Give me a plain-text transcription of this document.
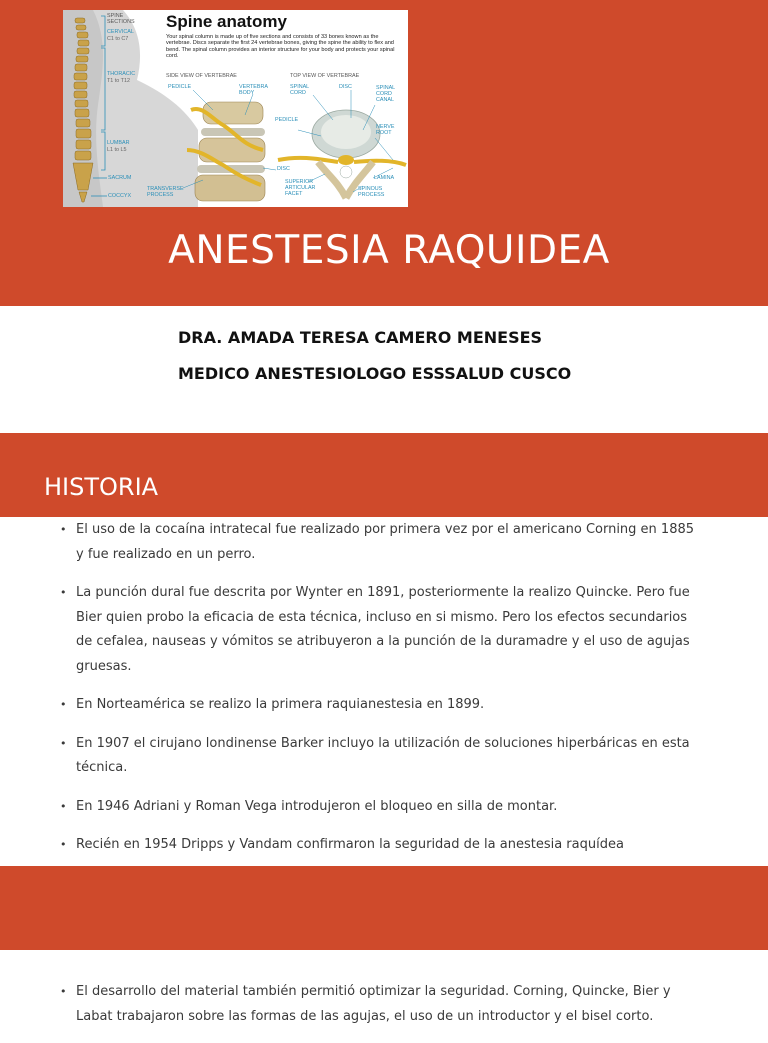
Spine anatomy
Your spinal column is made up of five sections and consists of 33 bones known as the vertebrae. Discs separate the first 24 vertebrae bones, giving the spine the ability to flex and bend. The spinal column provides an interior structure for your body and protects your spinal cord.
SPINE SECTIONS
CERVICAL
C1 to C7
THORACIC
T1 to T12
LUMBAR
L1 to L5
SACRUM
COCCYX
SIDE VIEW OF VERTEBRAE	TOP VIEW OF VERTEBRAE
PEDICLE	VERTEBRA BODY
SPINAL CORD
DISC	SPINAL CORD CANAL
PEDICLE
NERVE ROOT
DISC
LAMINA
TRANSVERSE PROCESS
SUPERIOR ARTICULAR FACET
SPINOUS PROCESS
ANESTESIA RAQUIDEA
DRA. AMADA TERESA CAMERO MENESES
MEDICO ANESTESIOLOGO ESSSALUD CUSCO
HISTORIA
• El uso de la cocaína intratecal fue realizado por primera vez por el americano Corning en 1885 y fue realizado en un perro.
• La punción dural fue descrita por Wynter en 1891, posteriormente la realizo Quincke. Pero fue Bier quien probo la eficacia de esta técnica, incluso en si mismo. Pero los efectos secundarios de cefalea, nauseas y vómitos se atribuyeron a la punción de la duramadre y el uso de agujas gruesas.
• En Norteamérica se realizo la primera raquianestesia en 1899.
• En 1907 el cirujano londinense Barker incluyo la utilización de soluciones hiperbáricas en esta técnica.
• En 1946 Adriani y Roman Vega introdujeron el bloqueo en silla de montar.
• Recién en 1954 Dripps y Vandam confirmaron la seguridad de la anestesia raquídea
• El desarrollo del material también permitió optimizar la seguridad. Corning, Quincke, Bier y Labat trabajaron sobre las formas de las agujas, el uso de un introductor y el bisel corto.
